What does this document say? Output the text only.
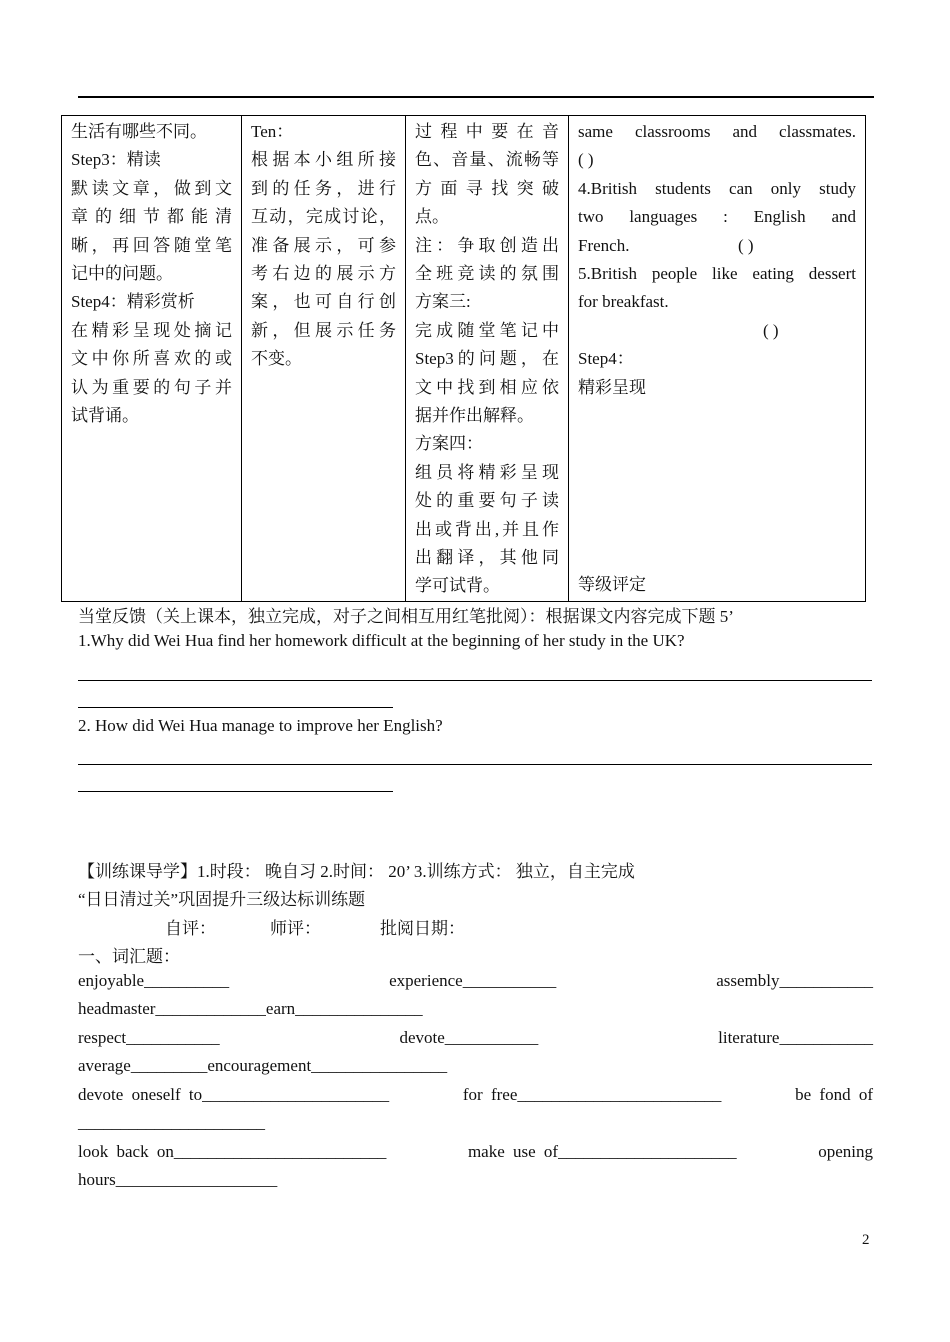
生活有哪些不同。
Step3：精读
默读文章，做到文
章的细节都能清
晰，再回答随堂笔
记中的问题。
Step4：精彩赏析
在精彩呈现处摘记
文中你所喜欢的或
认为重要的句子并
试背诵。

Ten：
根据本小组所接
到的任务，进行
互动，完成讨论，
准备展示，可参
考右边的展示方
案，也可自行创
新，但展示任务
不变。

过程中要在音
色、音量、流畅等
方面寻找突破
点。
注：争取创造出
全班竞读的氛围
方案三:
完成随堂笔记中
Step3的问题，在
文中找到相应依
据并作出解释。
方案四：
组员将精彩呈现
处的重要句子读
出或背出,并且作
出翻译，其他同
学可试背。

same classrooms and classmates.
( )
4.British students can only study
two languages : English and
French.	( )
5.British people like eating dessert
for breakfast.
( )
Step4：
精彩呈现
等级评定
当堂反馈（关上课本，独立完成，对子之间相互用红笔批阅）：根据课文内容完成下题 5’
1.Why did Wei Hua find her homework difficult at the beginning of her study in the UK?
2. How did Wei Hua manage to improve her English?
【训练课导学】1.时段： 晚自习 2.时间： 20’ 3.训练方式： 独立，自主完成
“日日清过关”巩固提升三级达标训练题
自评：	师评：	批阅日期：
一、词汇题：
enjoyable__________	experience___________	assembly___________
headmaster_____________earn_______________
respect___________	devote___________	literature___________
average_________encouragement________________
devote oneself to______________________	for free________________________	be fond of
______________________
look back on_________________________	make use of_____________________	opening
hours___________________
2
